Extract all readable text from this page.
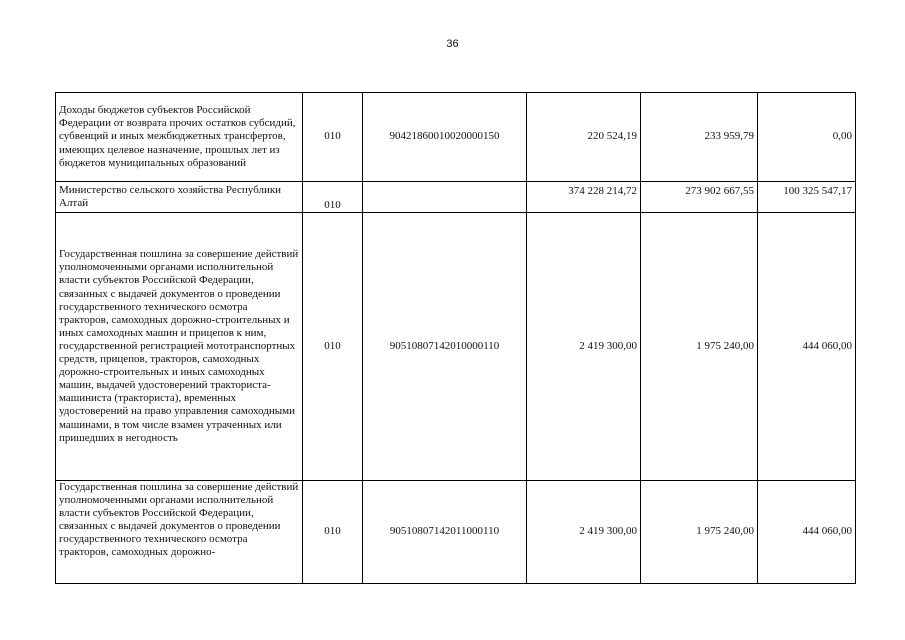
36
Доходы бюджетов субъектов Российской Федерации от возврата прочих остатков субсидий, субвенций и иных межбюджетных трансфертов, имеющих целевое назначение, прошлых лет из бюджетов муниципальных образований	010	90421860010020000150	220 524,19	233 959,79	0,00
Министерство сельского хозяйства Республики Алтай	010		374 228 214,72	273 902 667,55	100 325 547,17
Государственная пошлина за совершение действий уполномоченными органами исполнительной власти субъектов Российской Федерации, связанных с выдачей документов о проведении государственного технического осмотра тракторов, самоходных дорожно-строительных и иных самоходных машин и прицепов к ним, государственной регистрацией мототранспортных средств, прицепов, тракторов, самоходных дорожно-строительных и иных самоходных машин, выдачей удостоверений тракториста-машиниста (тракториста), временных удостоверений на право управления самоходными машинами, в том числе взамен утраченных или пришедших в негодность	010	90510807142010000110	2 419 300,00	1 975 240,00	444 060,00
Государственная пошлина за совершение действий уполномоченными органами исполнительной власти субъектов Российской Федерации, связанных с выдачей документов о проведении государственного технического осмотра тракторов, самоходных дорожно-	010	90510807142011000110	2 419 300,00	1 975 240,00	444 060,00
